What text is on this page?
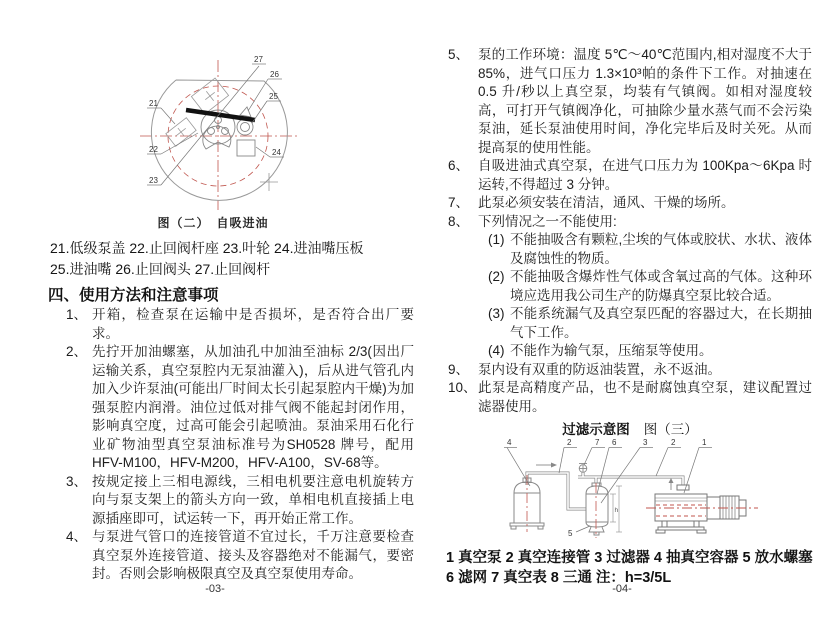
21
22
23
24
25
26
27
图（二）　自吸进油
21.低级泵盖 22.止回阀杆座 23.叶轮 24.进油嘴压板
25.进油嘴 26.止回阀头 27.止回阀杆
四、使用方法和注意事项
1、 开箱，检查泵在运输中是否损坏，是否符合出厂要求。
2、 先拧开加油螺塞，从加油孔中加油至油标 2/3(因出厂运输关系，真空泵腔内无泵油灌入)，后从进气管孔内加入少许泵油(可能出厂时间太长引起泵腔内干燥)为加强泵腔内润滑。油位过低对排气阀不能起封闭作用，影响真空度，过高可能会引起喷油。泵油采用石化行业矿物油型真空泵油标准号为SH0528 牌号，配用 HFV-M100，HFV-M200，HFV-A100，SV-68等。
3、 按规定接上三相电源线，三相电机要注意电机旋转方向与泵支架上的箭头方向一致，单相电机直接插上电源插座即可，试运转一下，再开始正常工作。
4、 与泵进气管口的连接管道不宜过长，千万注意要检查真空泵外连接管道、接头及容器绝对不能漏气，要密封。否则会影响极限真空及真空泵使用寿命。
-03-
5、 泵的工作环境：温度 5℃～40℃范围内,相对湿度不大于 85%，进气口压力 1.3×10³帕的条件下工作。对抽速在 0.5 升/秒以上真空泵，均装有气镇阀。如相对湿度较高，可打开气镇阀净化，可抽除少量水蒸气而不会污染泵油，延长泵油使用时间，净化完毕后及时关死。从而提高泵的使用性能。
6、 自吸进油式真空泵，在进气口压力为 100Kpa～6Kpa 时运转,不得超过 3 分钟。
7、 此泵必须安装在清洁，通风、干燥的场所。
8、 下列情况之一不能使用:
(1) 不能抽吸含有颗粒,尘埃的气体或胶状、水状、液体及腐蚀性的物质。
(2) 不能抽吸含爆炸性气体或含氧过高的气体。这种环境应选用我公司生产的防爆真空泵比较合适。
(3) 不能系统漏气及真空泵匹配的容器过大，在长期抽气下工作。
(4) 不能作为输气泵，压缩泵等使用。
9、 泵内设有双重的防返油装置，永不返油。
10、 此泵是高精度产品，也不是耐腐蚀真空泵，建议配置过滤器使用。
过滤示意图 图（三）
h
4	2	7 6	3	2	1
5
1 真空泵 2 真空连接管 3 过滤器 4 抽真空容器 5 放水螺塞
6 滤网 7 真空表 8 三通 注：h=3/5L
-04-
